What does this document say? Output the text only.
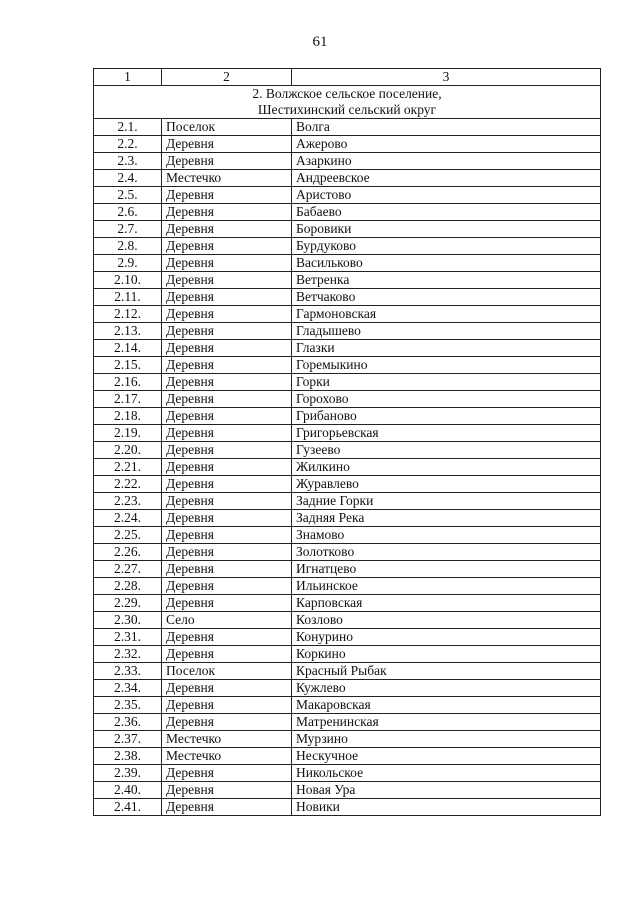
61
1	2	3
2. Волжское сельское поселение,
Шестихинский сельский округ		
2.1.	Поселок	Волга
2.2.	Деревня	Ажерово
2.3.	Деревня	Азаркино
2.4.	Местечко	Андреевское
2.5.	Деревня	Аристово
2.6.	Деревня	Бабаево
2.7.	Деревня	Боровики
2.8.	Деревня	Бурдуково
2.9.	Деревня	Васильково
2.10.	Деревня	Ветренка
2.11.	Деревня	Ветчаково
2.12.	Деревня	Гармоновская
2.13.	Деревня	Гладышево
2.14.	Деревня	Глазки
2.15.	Деревня	Горемыкино
2.16.	Деревня	Горки
2.17.	Деревня	Горохово
2.18.	Деревня	Грибаново
2.19.	Деревня	Григорьевская
2.20.	Деревня	Гузеево
2.21.	Деревня	Жилкино
2.22.	Деревня	Журавлево
2.23.	Деревня	Задние Горки
2.24.	Деревня	Задняя Река
2.25.	Деревня	Знамово
2.26.	Деревня	Золотково
2.27.	Деревня	Игнатцево
2.28.	Деревня	Ильинское
2.29.	Деревня	Карповская
2.30.	Село	Козлово
2.31.	Деревня	Конурино
2.32.	Деревня	Коркино
2.33.	Поселок	Красный Рыбак
2.34.	Деревня	Кужлево
2.35.	Деревня	Макаровская
2.36.	Деревня	Матренинская
2.37.	Местечко	Мурзино
2.38.	Местечко	Нескучное
2.39.	Деревня	Никольское
2.40.	Деревня	Новая Ура
2.41.	Деревня	Новики
